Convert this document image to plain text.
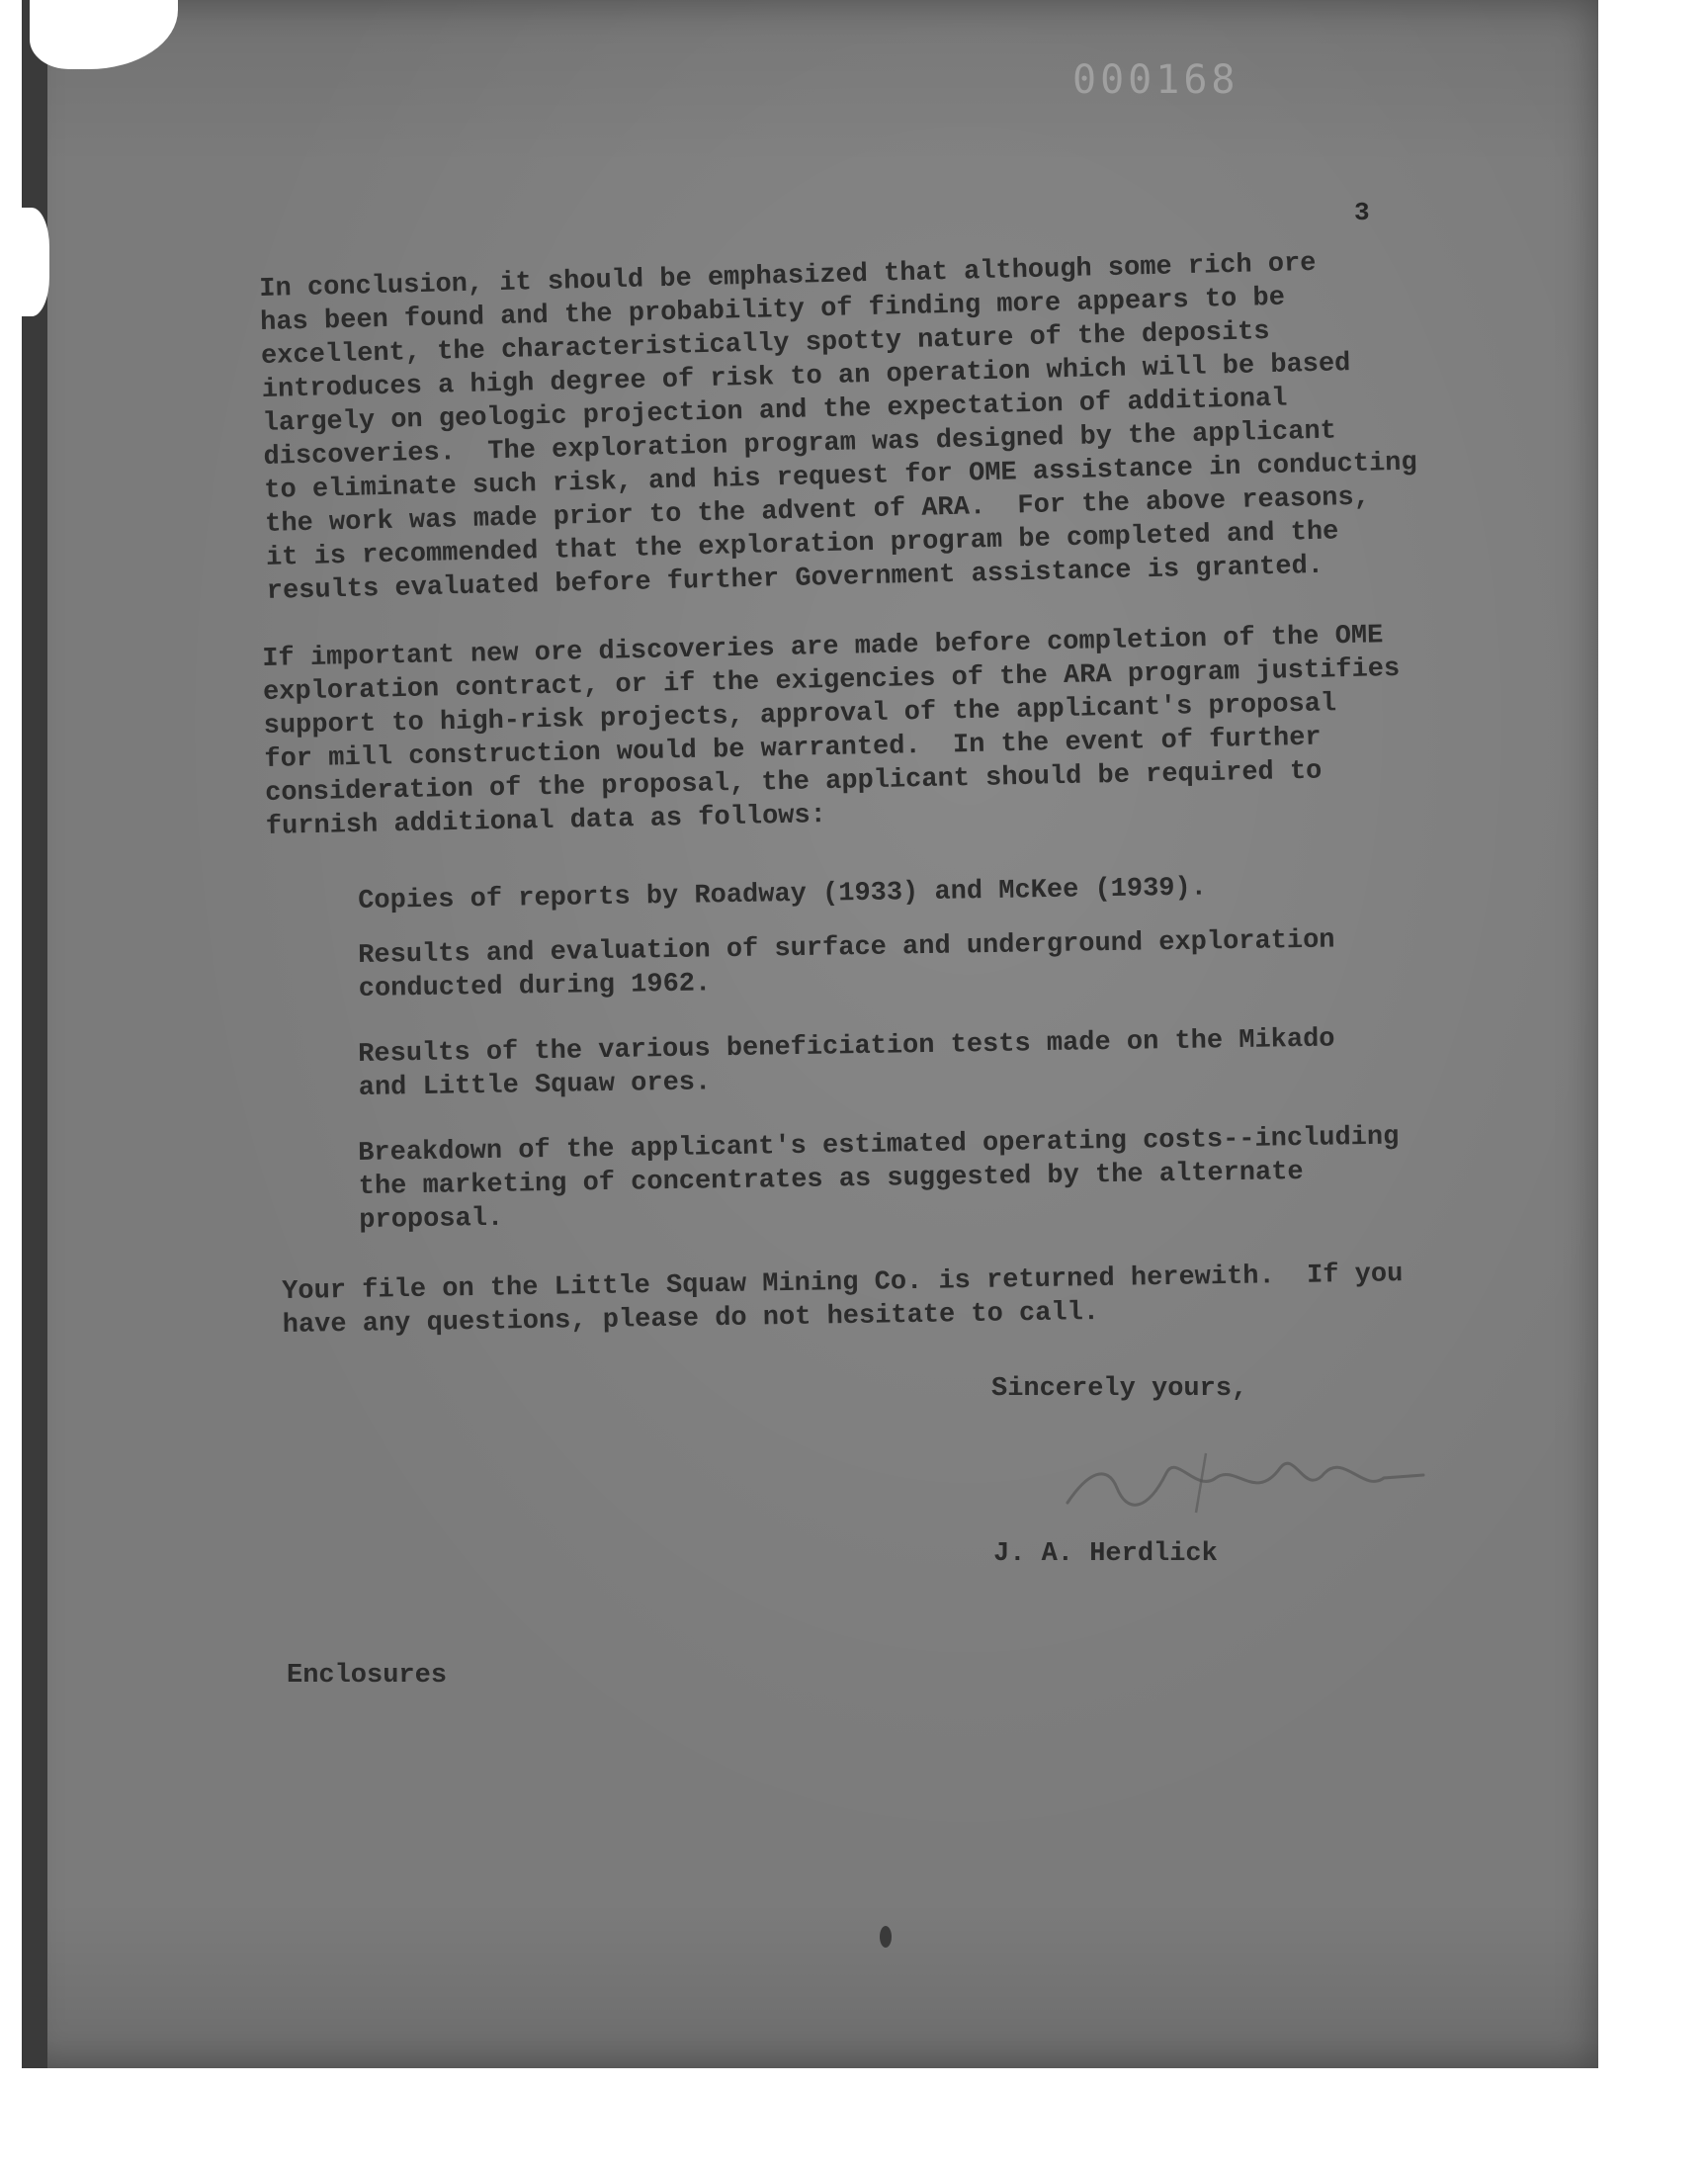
000168
3

In conclusion, it should be emphasized that although some rich ore
has been found and the probability of finding more appears to be
excellent, the characteristically spotty nature of the deposits
introduces a high degree of risk to an operation which will be based
largely on geologic projection and the expectation of additional
discoveries.  The exploration program was designed by the applicant
to eliminate such risk, and his request for OME assistance in conducting
the work was made prior to the advent of ARA.  For the above reasons,
it is recommended that the exploration program be completed and the
results evaluated before further Government assistance is granted.

If important new ore discoveries are made before completion of the OME
exploration contract, or if the exigencies of the ARA program justifies
support to high-risk projects, approval of the applicant's proposal
for mill construction would be warranted.  In the event of further
consideration of the proposal, the applicant should be required to
furnish additional data as follows:

Copies of reports by Roadway (1933) and McKee (1939).

Results and evaluation of surface and underground exploration
conducted during 1962.

Results of the various beneficiation tests made on the Mikado
and Little Squaw ores.

Breakdown of the applicant's estimated operating costs--including
the marketing of concentrates as suggested by the alternate
proposal.

Your file on the Little Squaw Mining Co. is returned herewith.  If you
have any questions, please do not hesitate to call.

Sincerely yours,

J. A. Herdlick

Enclosures
